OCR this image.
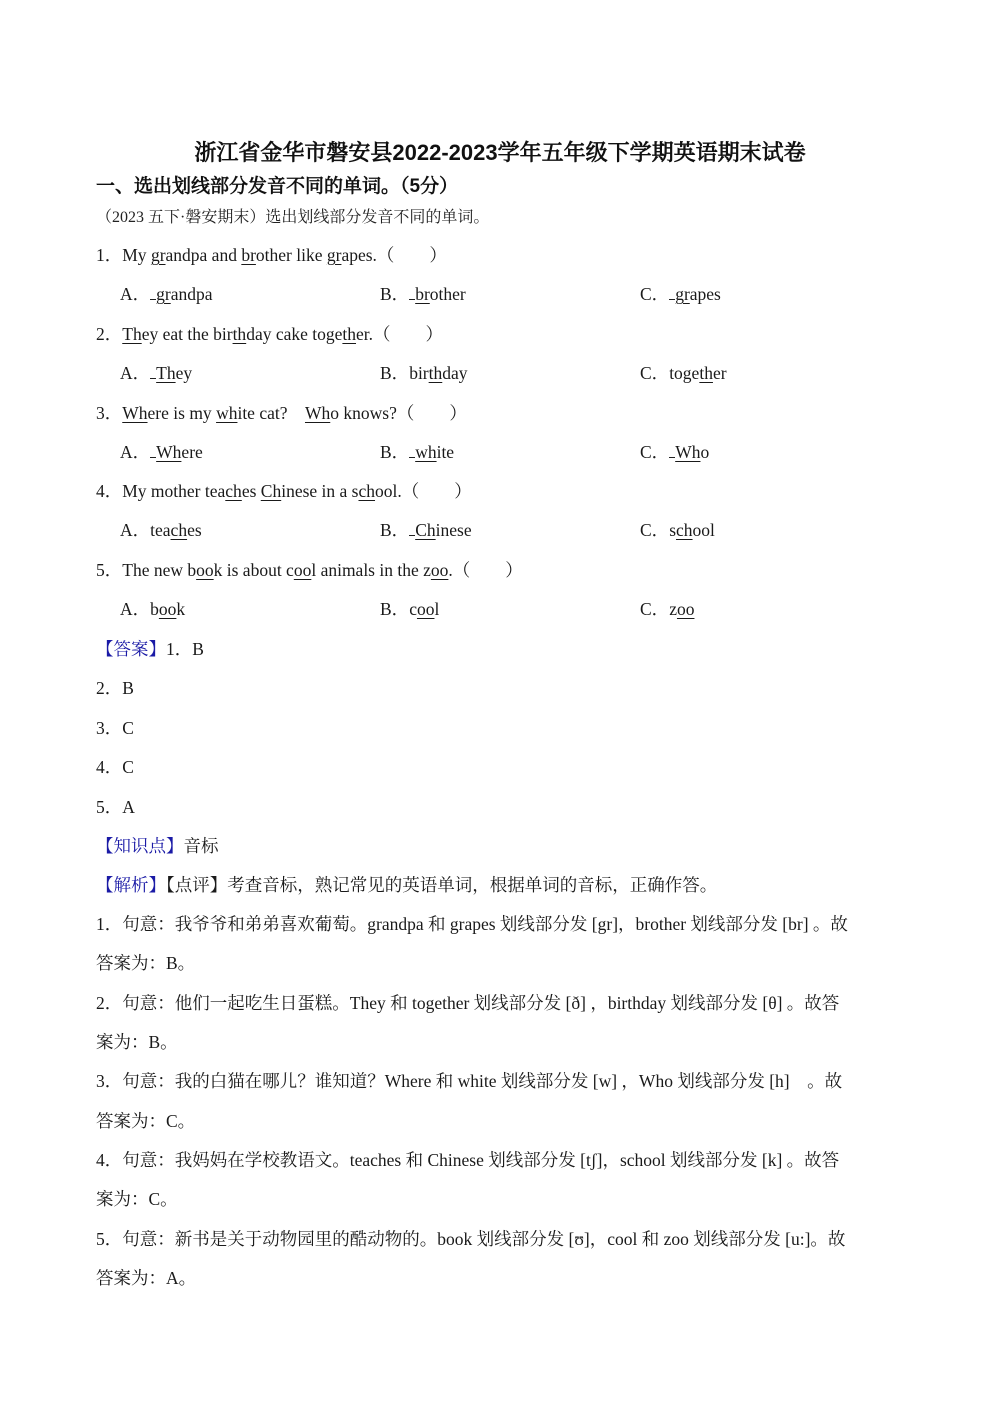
浙江省金华市磐安县2022-2023学年五年级下学期英语期末试卷
一、选出划线部分发音不同的单词。（5分）
（2023 五下·磐安期末）选出划线部分发音不同的单词。
1．My grandpa and brother like grapes.（　　）
A． grandpa	B． brother	C． grapes
2．They eat the birthday cake together.（　　）
A． They	B．birthday	C．together
3．Where is my white cat?　Who knows?（　　）
A． Where	B． white	C． Who
4．My mother teaches Chinese in a school.（　　）
A．teaches	B． Chinese	C．school
5．The new book is about cool animals in the zoo.（　　）
A．book	B．cool	C．zoo
【答案】1．B
2．B
3．C
4．C
5．A
【知识点】音标
【解析】【点评】考查音标，熟记常见的英语单词，根据单词的音标，正确作答。
1．句意：我爷爷和弟弟喜欢葡萄。grandpa 和 grapes 划线部分发 [gr]，brother 划线部分发 [br] 。故
答案为：B。
2．句意：他们一起吃生日蛋糕。They 和 together 划线部分发 [ð] ，birthday 划线部分发 [θ] 。故答
案为：B。
3．句意：我的白猫在哪儿？谁知道？Where 和 white 划线部分发 [w] ，Who 划线部分发 [h]　。故
答案为：C。
4．句意：我妈妈在学校教语文。teaches 和 Chinese 划线部分发 [tʃ]，school 划线部分发 [k] 。故答
案为：C。
5．句意：新书是关于动物园里的酷动物的。book 划线部分发 [ʊ]，cool 和 zoo 划线部分发 [u:]。故
答案为：A。
